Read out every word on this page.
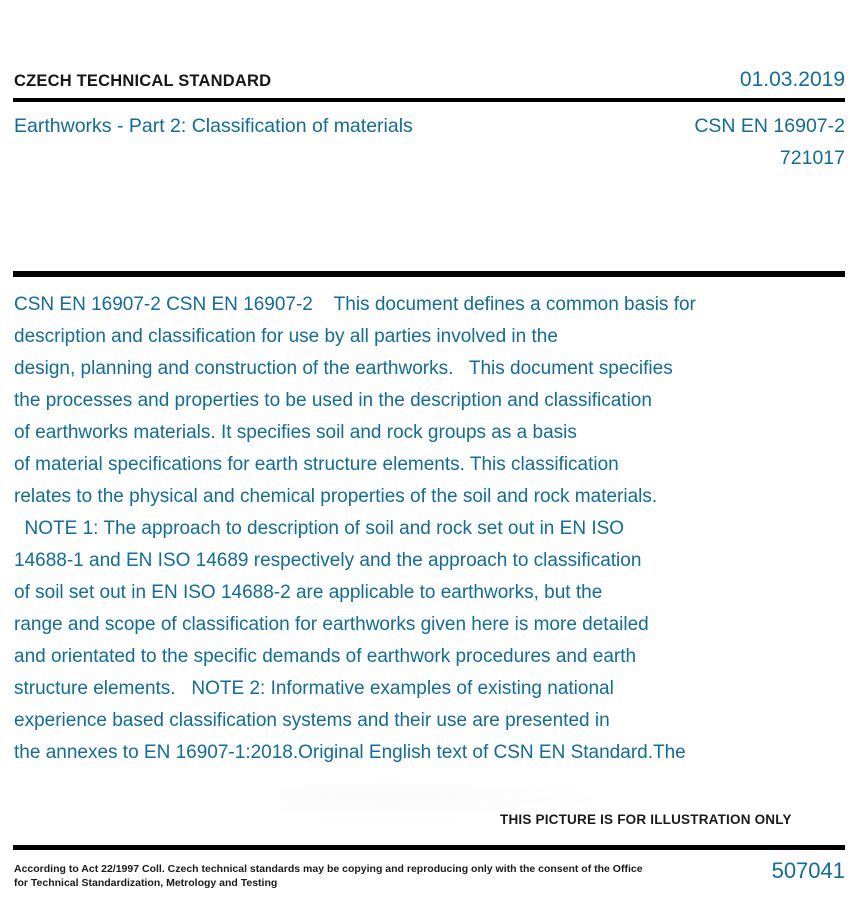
CZECH TECHNICAL STANDARD	01.03.2019
Earthworks - Part 2: Classification of materials	CSN EN 16907-2
721017
CSN EN 16907-2 CSN EN 16907-2    This document defines a common basis for
description and classification for use by all parties involved in the
design, planning and construction of the earthworks.   This document specifies
the processes and properties to be used in the description and classification
of earthworks materials. It specifies soil and rock groups as a basis
of material specifications for earth structure elements. This classification
relates to the physical and chemical properties of the soil and rock materials.
NOTE 1: The approach to description of soil and rock set out in EN ISO
14688-1 and EN ISO 14689 respectively and the approach to classification
of soil set out in EN ISO 14688-2 are applicable to earthworks, but the
range and scope of classification for earthworks given here is more detailed
and orientated to the specific demands of earthwork procedures and earth
structure elements.   NOTE 2: Informative examples of existing national
experience based classification systems and their use are presented in
the annexes to EN 16907-1:2018.Original English text of CSN EN Standard.The
THIS PICTURE IS FOR ILLUSTRATION ONLY
According to Act 22/1997 Coll. Czech technical standards may be copying and reproducing only with the consent of the Office
for Technical Standardization, Metrology and Testing	507041
